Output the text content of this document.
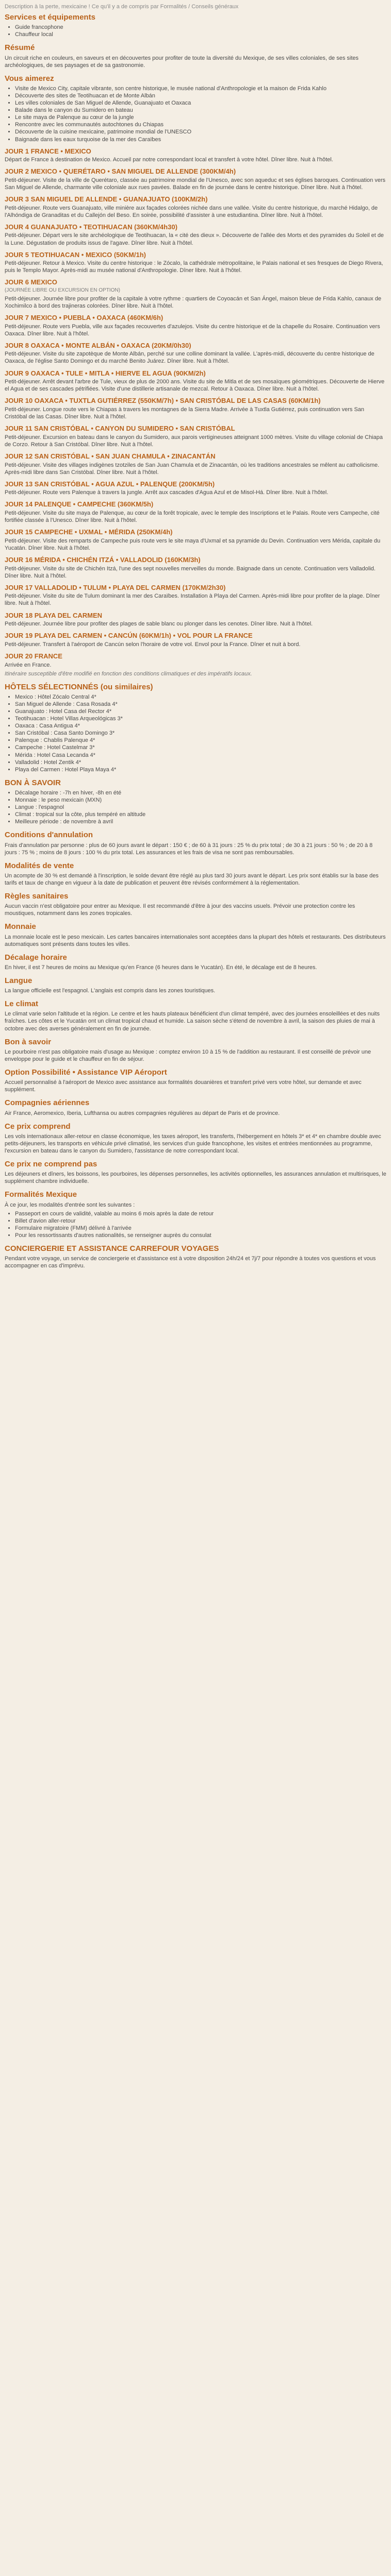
Description à la perte, mexicaine ! Ce qu'il y a de compris par Formalités / Conseils généraux

Services et équipements
• Guide francophone
• Chauffeur local
Résumé

Un circuit riche en couleurs, en saveurs et en découvertes pour profiter de toute la diversité du Mexique, de ses villes coloniales, de ses sites archéologiques, de ses paysages et de sa gastronomie.

Vous aimerez
• Visite de Mexico City, capitale vibrante, son centre historique, le musée national d'Anthropologie et la maison de Frida Kahlo
• Découverte des sites de Teotihuacan et de Monte Albán
• Les villes coloniales de San Miguel de Allende, Guanajuato et Oaxaca
• Balade dans le canyon du Sumidero en bateau
• Le site maya de Palenque au cœur de la jungle
• Rencontre avec les communautés autochtones du Chiapas
• Découverte de la cuisine mexicaine, patrimoine mondial de l'UNESCO
• Baignade dans les eaux turquoise de la mer des Caraïbes
JOUR 1 FRANCE • MEXICO

Départ de France à destination de Mexico. Accueil par notre correspondant local et transfert à votre hôtel. Dîner libre. Nuit à l'hôtel.

JOUR 2 MEXICO • QUERÉTARO • SAN MIGUEL DE ALLENDE (300KM/4h)

Petit-déjeuner. Visite de la ville de Querétaro, classée au patrimoine mondial de l'Unesco, avec son aqueduc et ses églises baroques. Continuation vers San Miguel de Allende, charmante ville coloniale aux rues pavées. Balade en fin de journée dans le centre historique. Dîner libre. Nuit à l'hôtel.

JOUR 3 SAN MIGUEL DE ALLENDE • GUANAJUATO (100KM/2h)

Petit-déjeuner. Route vers Guanajuato, ville minière aux façades colorées nichée dans une vallée. Visite du centre historique, du marché Hidalgo, de l'Alhóndiga de Granaditas et du Callejón del Beso. En soirée, possibilité d'assister à une estudiantina. Dîner libre. Nuit à l'hôtel.

JOUR 4 GUANAJUATO • TEOTIHUACAN (360KM/4h30)

Petit-déjeuner. Départ vers le site archéologique de Teotihuacan, la « cité des dieux ». Découverte de l'allée des Morts et des pyramides du Soleil et de la Lune. Dégustation de produits issus de l'agave. Dîner libre. Nuit à l'hôtel.

JOUR 5 TEOTIHUACAN • MEXICO (50KM/1h)

Petit-déjeuner. Retour à Mexico. Visite du centre historique : le Zócalo, la cathédrale métropolitaine, le Palais national et ses fresques de Diego Rivera, puis le Templo Mayor. Après-midi au musée national d'Anthropologie. Dîner libre. Nuit à l'hôtel.

JOUR 6 MEXICO
(JOURNÉE LIBRE OU EXCURSION EN OPTION)

Petit-déjeuner. Journée libre pour profiter de la capitale à votre rythme : quartiers de Coyoacán et San Ángel, maison bleue de Frida Kahlo, canaux de Xochimilco à bord des trajineras colorées. Dîner libre. Nuit à l'hôtel.

JOUR 7 MEXICO • PUEBLA • OAXACA (460KM/6h)

Petit-déjeuner. Route vers Puebla, ville aux façades recouvertes d'azulejos. Visite du centre historique et de la chapelle du Rosaire. Continuation vers Oaxaca. Dîner libre. Nuit à l'hôtel.

JOUR 8 OAXACA • MONTE ALBÁN • OAXACA (20KM/0h30)

Petit-déjeuner. Visite du site zapotèque de Monte Albán, perché sur une colline dominant la vallée. L'après-midi, découverte du centre historique de Oaxaca, de l'église Santo Domingo et du marché Benito Juárez. Dîner libre. Nuit à l'hôtel.

JOUR 9 OAXACA • TULE • MITLA • HIERVE EL AGUA (90KM/2h)

Petit-déjeuner. Arrêt devant l'arbre de Tule, vieux de plus de 2000 ans. Visite du site de Mitla et de ses mosaïques géométriques. Découverte de Hierve el Agua et de ses cascades pétrifiées. Visite d'une distillerie artisanale de mezcal. Retour à Oaxaca. Dîner libre. Nuit à l'hôtel.

JOUR 10 OAXACA • TUXTLA GUTIÉRREZ (550KM/7h) • SAN CRISTÓBAL DE LAS CASAS (60KM/1h)

Petit-déjeuner. Longue route vers le Chiapas à travers les montagnes de la Sierra Madre. Arrivée à Tuxtla Gutiérrez, puis continuation vers San Cristóbal de las Casas. Dîner libre. Nuit à l'hôtel.

JOUR 11 SAN CRISTÓBAL • CANYON DU SUMIDERO • SAN CRISTÓBAL

Petit-déjeuner. Excursion en bateau dans le canyon du Sumidero, aux parois vertigineuses atteignant 1000 mètres. Visite du village colonial de Chiapa de Corzo. Retour à San Cristóbal. Dîner libre. Nuit à l'hôtel.

JOUR 12 SAN CRISTÓBAL • SAN JUAN CHAMULA • ZINACANTÁN

Petit-déjeuner. Visite des villages indigènes tzotziles de San Juan Chamula et de Zinacantán, où les traditions ancestrales se mêlent au catholicisme. Après-midi libre dans San Cristóbal. Dîner libre. Nuit à l'hôtel.

JOUR 13 SAN CRISTÓBAL • AGUA AZUL • PALENQUE (200KM/5h)

Petit-déjeuner. Route vers Palenque à travers la jungle. Arrêt aux cascades d'Agua Azul et de Misol-Há. Dîner libre. Nuit à l'hôtel.

JOUR 14 PALENQUE • CAMPECHE (360KM/5h)

Petit-déjeuner. Visite du site maya de Palenque, au cœur de la forêt tropicale, avec le temple des Inscriptions et le Palais. Route vers Campeche, cité fortifiée classée à l'Unesco. Dîner libre. Nuit à l'hôtel.

JOUR 15 CAMPECHE • UXMAL • MÉRIDA (250KM/4h)

Petit-déjeuner. Visite des remparts de Campeche puis route vers le site maya d'Uxmal et sa pyramide du Devin. Continuation vers Mérida, capitale du Yucatán. Dîner libre. Nuit à l'hôtel.

JOUR 16 MÉRIDA • CHICHÉN ITZÁ • VALLADOLID (160KM/3h)

Petit-déjeuner. Visite du site de Chichén Itzá, l'une des sept nouvelles merveilles du monde. Baignade dans un cenote. Continuation vers Valladolid. Dîner libre. Nuit à l'hôtel.

JOUR 17 VALLADOLID • TULUM • PLAYA DEL CARMEN (170KM/2h30)

Petit-déjeuner. Visite du site de Tulum dominant la mer des Caraïbes. Installation à Playa del Carmen. Après-midi libre pour profiter de la plage. Dîner libre. Nuit à l'hôtel.

JOUR 18 PLAYA DEL CARMEN

Petit-déjeuner. Journée libre pour profiter des plages de sable blanc ou plonger dans les cenotes. Dîner libre. Nuit à l'hôtel.

JOUR 19 PLAYA DEL CARMEN • CANCÚN (60KM/1h) • VOL POUR LA FRANCE

Petit-déjeuner. Transfert à l'aéroport de Cancún selon l'horaire de votre vol. Envol pour la France. Dîner et nuit à bord.

JOUR 20 FRANCE

Arrivée en France.

Itinéraire susceptible d'être modifié en fonction des conditions climatiques et des impératifs locaux.

HÔTELS SÉLECTIONNÉS (ou similaires)
• Mexico : Hôtel Zócalo Central 4*
• San Miguel de Allende : Casa Rosada 4*
• Guanajuato : Hotel Casa del Rector 4*
• Teotihuacan : Hotel Villas Arqueológicas 3*
• Oaxaca : Casa Antigua 4*
• San Cristóbal : Casa Santo Domingo 3*
• Palenque : Chablis Palenque 4*
• Campeche : Hotel Castelmar 3*
• Mérida : Hotel Casa Lecanda 4*
• Valladolid : Hotel Zentik 4*
• Playa del Carmen : Hotel Playa Maya 4*
BON À SAVOIR
• Décalage horaire : -7h en hiver, -8h en été
• Monnaie : le peso mexicain (MXN)
• Langue : l'espagnol
• Climat : tropical sur la côte, plus tempéré en altitude
• Meilleure période : de novembre à avril
Conditions d'annulation

Frais d'annulation par personne : plus de 60 jours avant le départ : 150 € ; de 60 à 31 jours : 25 % du prix total ; de 30 à 21 jours : 50 % ; de 20 à 8 jours : 75 % ; moins de 8 jours : 100 % du prix total. Les assurances et les frais de visa ne sont pas remboursables.

Modalités de vente

Un acompte de 30 % est demandé à l'inscription, le solde devant être réglé au plus tard 30 jours avant le départ. Les prix sont établis sur la base des tarifs et taux de change en vigueur à la date de publication et peuvent être révisés conformément à la réglementation.

Règles sanitaires

Aucun vaccin n'est obligatoire pour entrer au Mexique. Il est recommandé d'être à jour des vaccins usuels. Prévoir une protection contre les moustiques, notamment dans les zones tropicales.

Monnaie

La monnaie locale est le peso mexicain. Les cartes bancaires internationales sont acceptées dans la plupart des hôtels et restaurants. Des distributeurs automatiques sont présents dans toutes les villes.

Décalage horaire

En hiver, il est 7 heures de moins au Mexique qu'en France (6 heures dans le Yucatán). En été, le décalage est de 8 heures.

Langue

La langue officielle est l'espagnol. L'anglais est compris dans les zones touristiques.

Le climat

Le climat varie selon l'altitude et la région. Le centre et les hauts plateaux bénéficient d'un climat tempéré, avec des journées ensoleillées et des nuits fraîches. Les côtes et le Yucatán ont un climat tropical chaud et humide. La saison sèche s'étend de novembre à avril, la saison des pluies de mai à octobre avec des averses généralement en fin de journée.

Bon à savoir

Le pourboire n'est pas obligatoire mais d'usage au Mexique : comptez environ 10 à 15 % de l'addition au restaurant. Il est conseillé de prévoir une enveloppe pour le guide et le chauffeur en fin de séjour.

Option Possibilité • Assistance VIP Aéroport

Accueil personnalisé à l'aéroport de Mexico avec assistance aux formalités douanières et transfert privé vers votre hôtel, sur demande et avec supplément.

Compagnies aériennes

Air France, Aeromexico, Iberia, Lufthansa ou autres compagnies régulières au départ de Paris et de province.

Ce prix comprend

Les vols internationaux aller-retour en classe économique, les taxes aéroport, les transferts, l'hébergement en hôtels 3* et 4* en chambre double avec petits-déjeuners, les transports en véhicule privé climatisé, les services d'un guide francophone, les visites et entrées mentionnées au programme, l'excursion en bateau dans le canyon du Sumidero, l'assistance de notre correspondant local.

Ce prix ne comprend pas

Les déjeuners et dîners, les boissons, les pourboires, les dépenses personnelles, les activités optionnelles, les assurances annulation et multirisques, le supplément chambre individuelle.

Formalités Mexique

À ce jour, les modalités d'entrée sont les suivantes :

• Passeport en cours de validité, valable au moins 6 mois après la date de retour
• Billet d'avion aller-retour
• Formulaire migratoire (FMM) délivré à l'arrivée
• Pour les ressortissants d'autres nationalités, se renseigner auprès du consulat
CONCIERGERIE ET ASSISTANCE CARREFOUR VOYAGES

Pendant votre voyage, un service de conciergerie et d'assistance est à votre disposition 24h/24 et 7j/7 pour répondre à toutes vos questions et vous accompagner en cas d'imprévu.
